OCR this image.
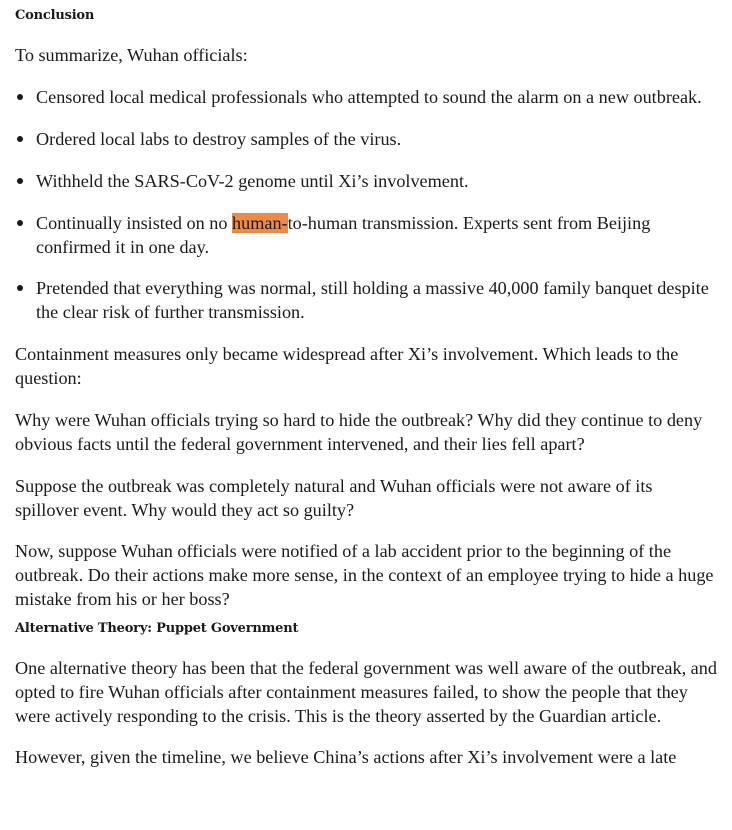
Conclusion

To summarize, Wuhan officials:

Censored local medical professionals who attempted to sound the alarm on a new outbreak.
Ordered local labs to destroy samples of the virus.
Withheld the SARS-CoV-2 genome until Xi’s involvement.
Continually insisted on no human-to-human transmission. Experts sent from Beijing confirmed it in one day.
Pretended that everything was normal, still holding a massive 40,000 family banquet despite the clear risk of further transmission.

Containment measures only became widespread after Xi’s involvement. Which leads to the question:

Why were Wuhan officials trying so hard to hide the outbreak? Why did they continue to deny obvious facts until the federal government intervened, and their lies fell apart?

Suppose the outbreak was completely natural and Wuhan officials were not aware of its spillover event. Why would they act so guilty?

Now, suppose Wuhan officials were notified of a lab accident prior to the beginning of the outbreak. Do their actions make more sense, in the context of an employee trying to hide a huge mistake from his or her boss?

Alternative Theory: Puppet Government

One alternative theory has been that the federal government was well aware of the outbreak, and opted to fire Wuhan officials after containment measures failed, to show the people that they were actively responding to the crisis. This is the theory asserted by the Guardian article.

However, given the timeline, we believe China’s actions after Xi’s involvement were a late
